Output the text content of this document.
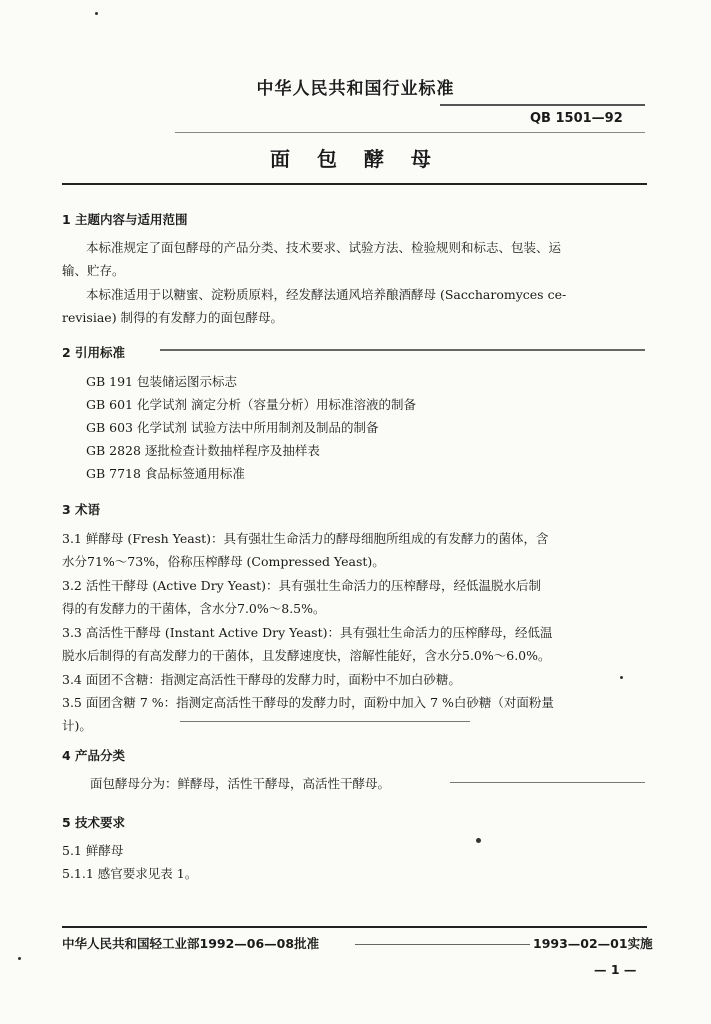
中华人民共和国行业标准
QB 1501—92
面 包 酵 母
1 主题内容与适用范围
本标准规定了面包酵母的产品分类、技术要求、试验方法、检验规则和标志、包装、运
输、贮存。
本标准适用于以糖蜜、淀粉质原料，经发酵法通风培养酿酒酵母 (Saccharomyces ce-
revisiae) 制得的有发酵力的面包酵母。
2 引用标准
GB 191 包装储运图示标志
GB 601 化学试剂 滴定分析（容量分析）用标准溶液的制备
GB 603 化学试剂 试验方法中所用制剂及制品的制备
GB 2828 逐批检查计数抽样程序及抽样表
GB 7718 食品标签通用标准
3 术语
3.1 鲜酵母 (Fresh Yeast)：具有强壮生命活力的酵母细胞所组成的有发酵力的菌体，含
水分71%～73%，俗称压榨酵母 (Compressed Yeast)。
3.2 活性干酵母 (Active Dry Yeast)：具有强壮生命活力的压榨酵母，经低温脱水后制
得的有发酵力的干菌体，含水分7.0%～8.5%。
3.3 高活性干酵母 (Instant Active Dry Yeast)：具有强壮生命活力的压榨酵母，经低温
脱水后制得的有高发酵力的干菌体，且发酵速度快，溶解性能好，含水分5.0%～6.0%。
3.4 面团不含糖：指测定高活性干酵母的发酵力时，面粉中不加白砂糖。
3.5 面团含糖 7 %：指测定高活性干酵母的发酵力时，面粉中加入 7 %白砂糖（对面粉量
计)。
4 产品分类
面包酵母分为：鲜酵母，活性干酵母，高活性干酵母。
5 技术要求
5.1 鲜酵母
5.1.1 感官要求见表 1。
中华人民共和国轻工业部1992—06—08批准	1993—02—01实施
— 1 —
